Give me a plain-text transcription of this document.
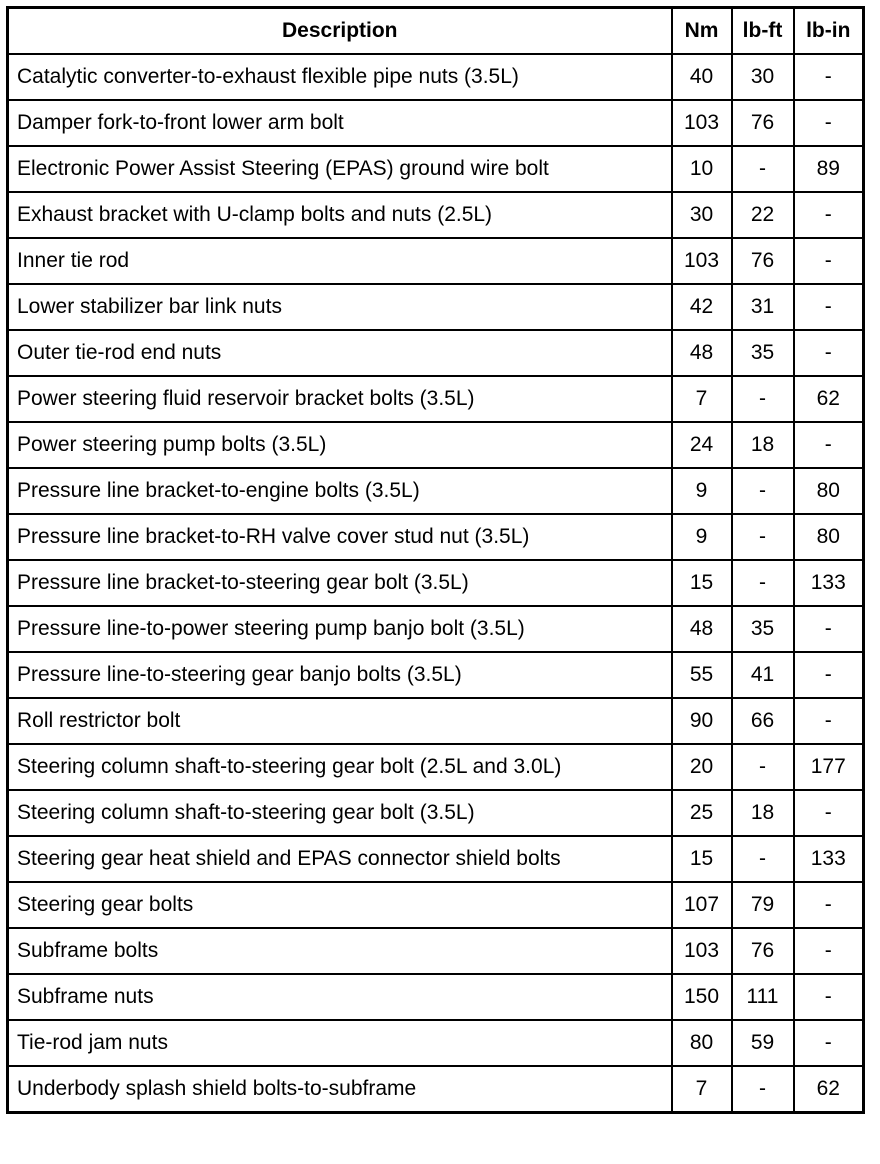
Description	Nm	lb-ft	lb-in
Catalytic converter-to-exhaust flexible pipe nuts (3.5L)	40	30	-
Damper fork-to-front lower arm bolt	103	76	-
Electronic Power Assist Steering (EPAS) ground wire bolt	10	-	89
Exhaust bracket with U-clamp bolts and nuts (2.5L)	30	22	-
Inner tie rod	103	76	-
Lower stabilizer bar link nuts	42	31	-
Outer tie-rod end nuts	48	35	-
Power steering fluid reservoir bracket bolts (3.5L)	7	-	62
Power steering pump bolts (3.5L)	24	18	-
Pressure line bracket-to-engine bolts (3.5L)	9	-	80
Pressure line bracket-to-RH valve cover stud nut (3.5L)	9	-	80
Pressure line bracket-to-steering gear bolt (3.5L)	15	-	133
Pressure line-to-power steering pump banjo bolt (3.5L)	48	35	-
Pressure line-to-steering gear banjo bolts (3.5L)	55	41	-
Roll restrictor bolt	90	66	-
Steering column shaft-to-steering gear bolt (2.5L and 3.0L)	20	-	177
Steering column shaft-to-steering gear bolt (3.5L)	25	18	-
Steering gear heat shield and EPAS connector shield bolts	15	-	133
Steering gear bolts	107	79	-
Subframe bolts	103	76	-
Subframe nuts	150	111	-
Tie-rod jam nuts	80	59	-
Underbody splash shield bolts-to-subframe	7	-	62
